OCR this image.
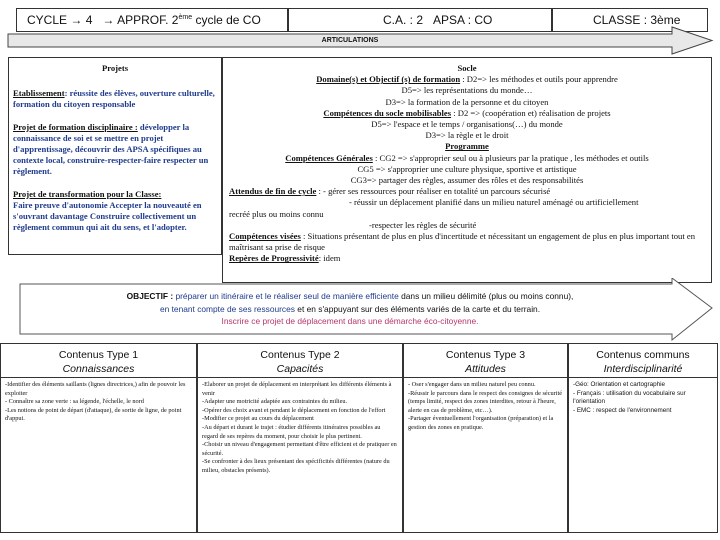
CYCLE → 4 → APPROF. 2ème cycle de CO	C.A. : 2 APSA : CO	CLASSE : 3ème
ARTICULATIONS

Projets

Etablissement: réussite des élèves, ouverture culturelle, formation du citoyen responsable

Projet de formation disciplinaire : développer la connaissance de soi et se mettre en projet d'apprentissage, découvrir des APSA spécifiques au contexte local, construire-respecter-faire respecter un règlement.

Projet de transformation pour la Classe:
Faire preuve d'autonomie Accepter la nouveauté en s'ouvrant davantage Construire collectivement un règlement commun qui ait du sens, et l'adopter.

Socle

Domaine(s) et Objectif (s) de formation : D2=> les méthodes et outils pour apprendre

D5=> les représentations du monde…

D3=> la formation de la personne et du citoyen

Compétences du socle mobilisables : D2 => (coopération et) réalisation de projets

D5=> l'espace et le temps / organisations(…) du monde

D3=> la règle et le droit

Programme

Compétences Générales : CG2 => s'approprier seul ou à plusieurs par la pratique , les méthodes et outils

CG5 => s'approprier une culture physique, sportive et artistique

CG3=> partager des règles, assumer des rôles et des responsabilités

Attendus de fin de cycle : - gérer ses ressources pour réaliser en totalité un parcours sécurisé

- réussir un déplacement planifié dans un milieu naturel aménagé ou artificiellement

recréé plus ou moins connu

-respecter les règles de sécurité

Compétences visées : Situations présentant de plus en plus d'incertitude et nécessitant un engagement de plus en plus important tout en maîtrisant sa prise de risque

Repères de Progressivité: idem

OBJECTIF : préparer un itinéraire et le réaliser seul de manière efficiente dans un milieu délimité (plus ou moins connu),
en tenant compte de ses ressources et en s'appuyant sur des éléments variés de la carte et du terrain.
Inscrire ce projet de déplacement dans une démarche éco-citoyenne.
Contenus Type 1
Connaissances

-Identifier des éléments saillants (lignes directrices,) afin de pouvoir les exploiter

- Connaître sa zone verte : sa légende, l'échelle, le nord

-Les notions de point de départ (d'attaque), de sortie de ligne, de point d'appui.

Contenus Type 2
Capacités

-Elaborer un projet de déplacement en interprétant les différents éléments à venir

-Adapter une motricité adaptée aux contraintes du milieu.

-Opérer des choix avant et pendant le déplacement en fonction de l'effort

-Modifier ce projet au cours du déplacement

-Au départ et durant le trajet : étudier différents itinéraires possibles au regard de ses repères du moment, pour choisir le plus pertinent.

-Choisir un niveau d'engagement permettant d'être efficient et de pratiquer en sécurité.

-Se confronter à des lieux présentant des spécificités différentes (nature du milieu, obstacles présents).

Contenus Type 3
Attitudes

- Oser s'engager dans un milieu naturel peu connu.

-Réussir le parcours dans le respect des consignes de sécurité (temps limité, respect des zones interdites, retour à l'heure, alerte en cas de problème, etc…).

-Partager éventuellement l'organisation (préparation) et la gestion des zones en pratique.

Contenus communs
Interdisciplinarité

-Géo: Orientation et cartographie

- Français : utilisation du vocabulaire sur l'orientation

- EMC : respect de l'environnement
